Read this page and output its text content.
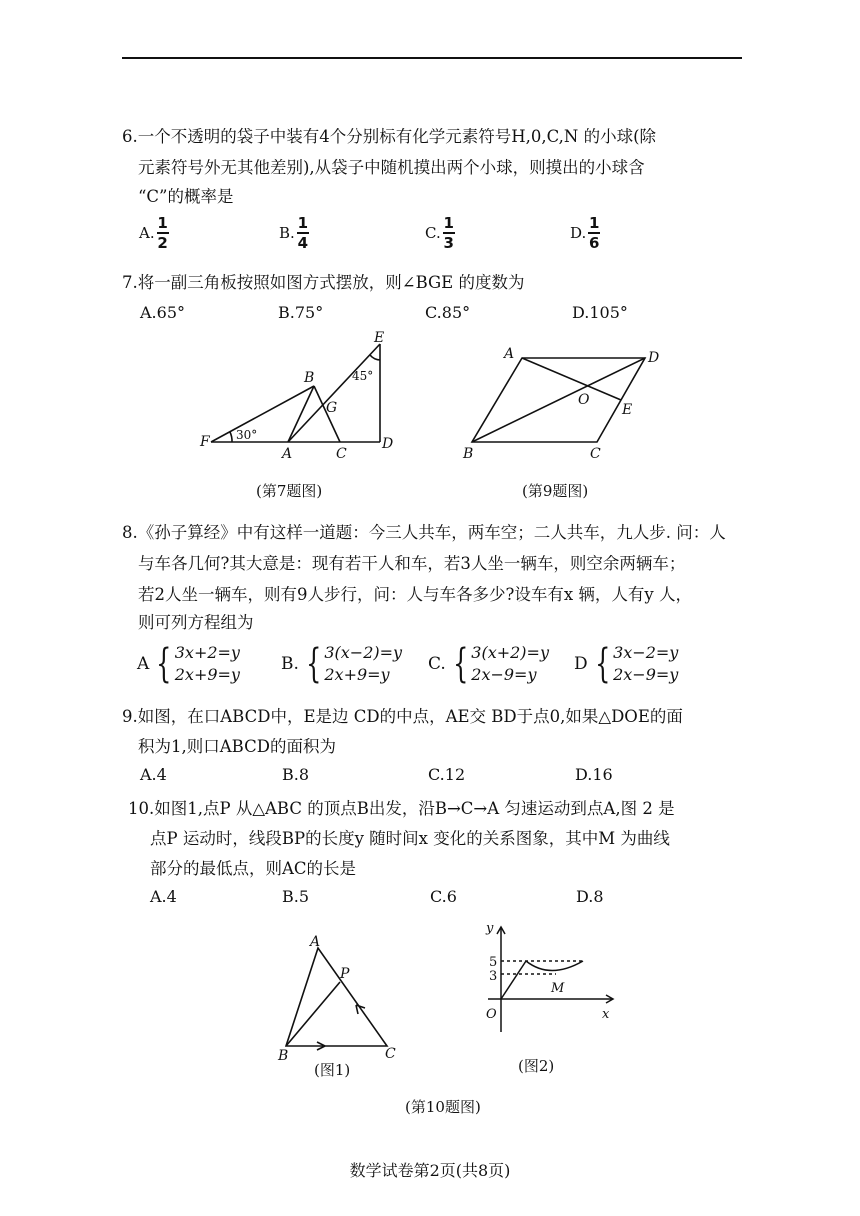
6.一个不透明的袋子中装有4个分别标有化学元素符号H,0,C,N 的小球(除
元素符号外无其他差别),从袋子中随机摸出两个小球，则摸出的小球含
“C”的概率是
A.
1
2
B.
1
4
C.
1
3
D.
1
6
7.将一副三角板按照如图方式摆放，则∠BGE 的度数为
A.65°	B.75°	C.85°	D.105°
E
B
G
F
A	C
D
30°
45°
A	D
O
E
B	C
A
P
B	C
y
5
3
M
O	x
(第7题图)	(第9题图)
8.《孙子算经》中有这样一道题：今三人共车，两车空；二人共车，九人步. 问：人
与车各几何?其大意是：现有若干人和车，若3人坐一辆车，则空余两辆车；
若2人坐一辆车，则有9人步行，问：人与车各多少?设车有x 辆，人有y 人，
则可列方程组为
A { 3x+2=y
2x+9=y
B. { 3(x−2)=y
2x+9=y
C. { 3(x+2)=y
2x−9=y
D { 3x−2=y
2x−9=y
9.如图，在口ABCD中，E是边 CD的中点，AE交 BD于点0,如果△DOE的面
积为1,则口ABCD的面积为
A.4	B.8	C.12	D.16
10.如图1,点P 从△ABC 的顶点B出发，沿B→C→A 匀速运动到点A,图 2 是
点P 运动时，线段BP的长度y 随时间x 变化的关系图象，其中M 为曲线
部分的最低点，则AC的长是
A.4	B.5	C.6	D.8
(图1)	(图2)
(第10题图)
数学试卷第2页(共8页)
